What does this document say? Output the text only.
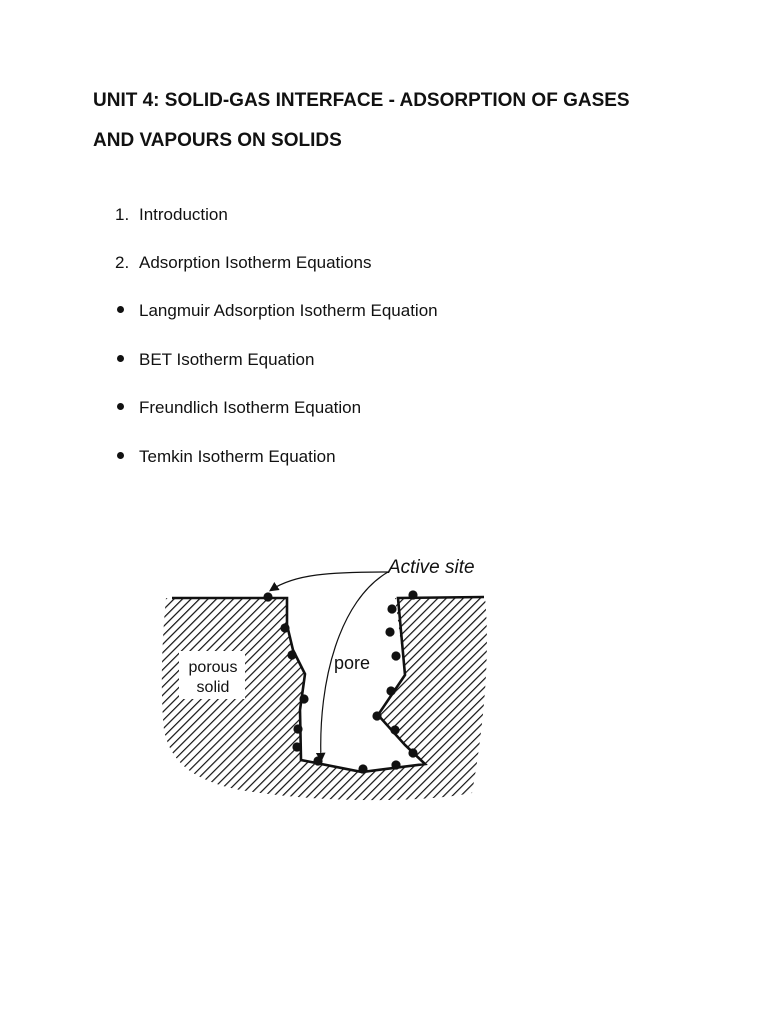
UNIT 4: SOLID-GAS INTERFACE - ADSORPTION OF GASES
AND VAPOURS ON SOLIDS
1. Introduction
2. Adsorption Isotherm Equations
Langmuir Adsorption Isotherm Equation
BET Isotherm Equation
Freundlich Isotherm Equation
Temkin Isotherm Equation
porous
solid
pore
Active site
